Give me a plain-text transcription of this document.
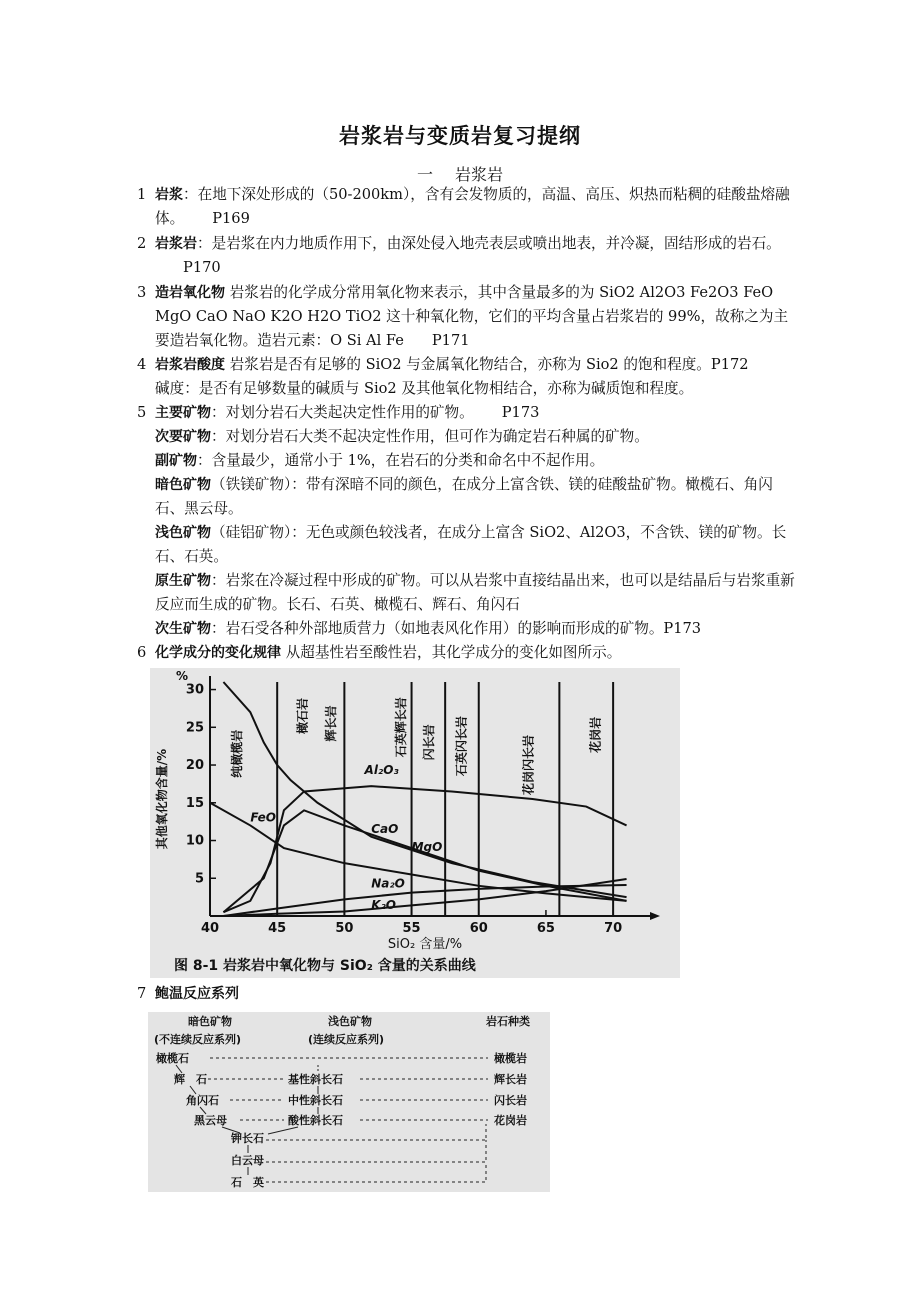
岩浆岩与变质岩复习提纲
一 岩浆岩
1 岩浆：在地下深处形成的（50-200km），含有会发物质的，高温、高压、炽热而粘稠的硅酸盐熔融体。 P169
2 岩浆岩：是岩浆在内力地质作用下，由深处侵入地壳表层或喷出地表，并冷凝，固结形成的岩石。P170
3 造岩氧化物 岩浆岩的化学成分常用氧化物来表示，其中含量最多的为 SiO2 Al2O3 Fe2O3 FeO MgO CaO NaO K2O H2O TiO2 这十种氧化物，它们的平均含量占岩浆岩的 99%，故称之为主要造岩氧化物。造岩元素：O Si Al Fe P171
4 岩浆岩酸度 岩浆岩是否有足够的 SiO2 与金属氧化物结合，亦称为 Sio2 的饱和程度。P172
碱度：是否有足够数量的碱质与 Sio2 及其他氧化物相结合，亦称为碱质饱和程度。
5 主要矿物：对划分岩石大类起决定性作用的矿物。 P173
次要矿物：对划分岩石大类不起决定性作用，但可作为确定岩石种属的矿物。
副矿物：含量最少，通常小于 1%，在岩石的分类和命名中不起作用。
暗色矿物（铁镁矿物）：带有深暗不同的颜色，在成分上富含铁、镁的硅酸盐矿物。橄榄石、角闪石、黑云母。
浅色矿物（硅铝矿物）：无色或颜色较浅者，在成分上富含 SiO2、Al2O3，不含铁、镁的矿物。长石、石英。
原生矿物：岩浆在冷凝过程中形成的矿物。可以从岩浆中直接结晶出来，也可以是结晶后与岩浆重新反应而生成的矿物。长石、石英、橄榄石、辉石、角闪石
次生矿物：岩石受各种外部地质营力（如地表风化作用）的影响而形成的矿物。P173
6 化学成分的变化规律 从超基性岩至酸性岩，其化学成分的变化如图所示。
纯橄榄岩
橄石岩 辉长岩	石英辉长岩 闪长岩 石英闪长岩	花岗闪长岩
花岗岩
MgO
Al₂O₃
FeO
CaO
Na₂O
K₂O
%
5
10
15
20
25
30
40	45	50	55	60	65	70
其他氧化物含量/%
SiO₂ 含量/%
图 8-1 岩浆岩中氧化物与 SiO₂ 含量的关系曲线
7 鲍温反应系列
暗色矿物	浅色矿物	岩石种类
(不连续反应系列)	(连续反应系列)
橄榄石
辉　石
角闪石
黑云母
基性斜长石
中性斜长石
酸性斜长石
钾长石
白云母
石　英
橄榄岩
辉长岩
闪长岩
花岗岩
